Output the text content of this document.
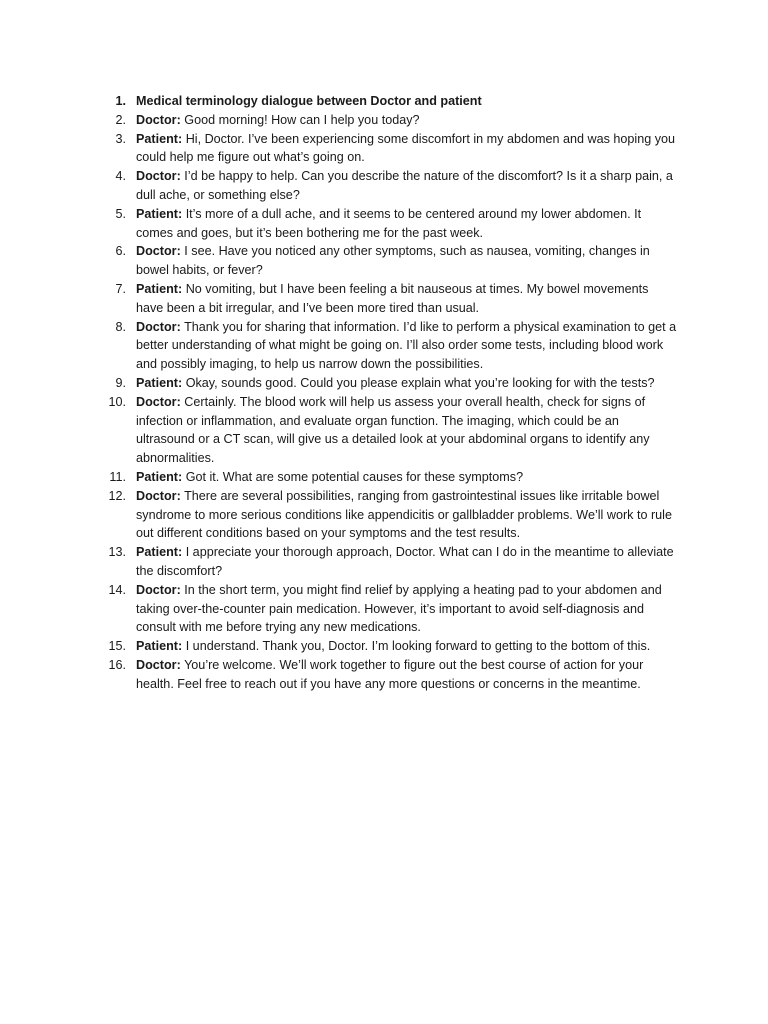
1. Medical terminology dialogue between Doctor and patient
2. Doctor: Good morning! How can I help you today?
3. Patient: Hi, Doctor. I’ve been experiencing some discomfort in my abdomen and was hoping you could help me figure out what’s going on.
4. Doctor: I’d be happy to help. Can you describe the nature of the discomfort? Is it a sharp pain, a dull ache, or something else?
5. Patient: It’s more of a dull ache, and it seems to be centered around my lower abdomen. It comes and goes, but it’s been bothering me for the past week.
6. Doctor: I see. Have you noticed any other symptoms, such as nausea, vomiting, changes in bowel habits, or fever?
7. Patient: No vomiting, but I have been feeling a bit nauseous at times. My bowel movements have been a bit irregular, and I’ve been more tired than usual.
8. Doctor: Thank you for sharing that information. I’d like to perform a physical examination to get a better understanding of what might be going on. I’ll also order some tests, including blood work and possibly imaging, to help us narrow down the possibilities.
9. Patient: Okay, sounds good. Could you please explain what you’re looking for with the tests?
10. Doctor: Certainly. The blood work will help us assess your overall health, check for signs of infection or inflammation, and evaluate organ function. The imaging, which could be an ultrasound or a CT scan, will give us a detailed look at your abdominal organs to identify any abnormalities.
11. Patient: Got it. What are some potential causes for these symptoms?
12. Doctor: There are several possibilities, ranging from gastrointestinal issues like irritable bowel syndrome to more serious conditions like appendicitis or gallbladder problems. We’ll work to rule out different conditions based on your symptoms and the test results.
13. Patient: I appreciate your thorough approach, Doctor. What can I do in the meantime to alleviate the discomfort?
14. Doctor: In the short term, you might find relief by applying a heating pad to your abdomen and taking over-the-counter pain medication. However, it’s important to avoid self-diagnosis and consult with me before trying any new medications.
15. Patient: I understand. Thank you, Doctor. I’m looking forward to getting to the bottom of this.
16. Doctor: You’re welcome. We’ll work together to figure out the best course of action for your health. Feel free to reach out if you have any more questions or concerns in the meantime.
